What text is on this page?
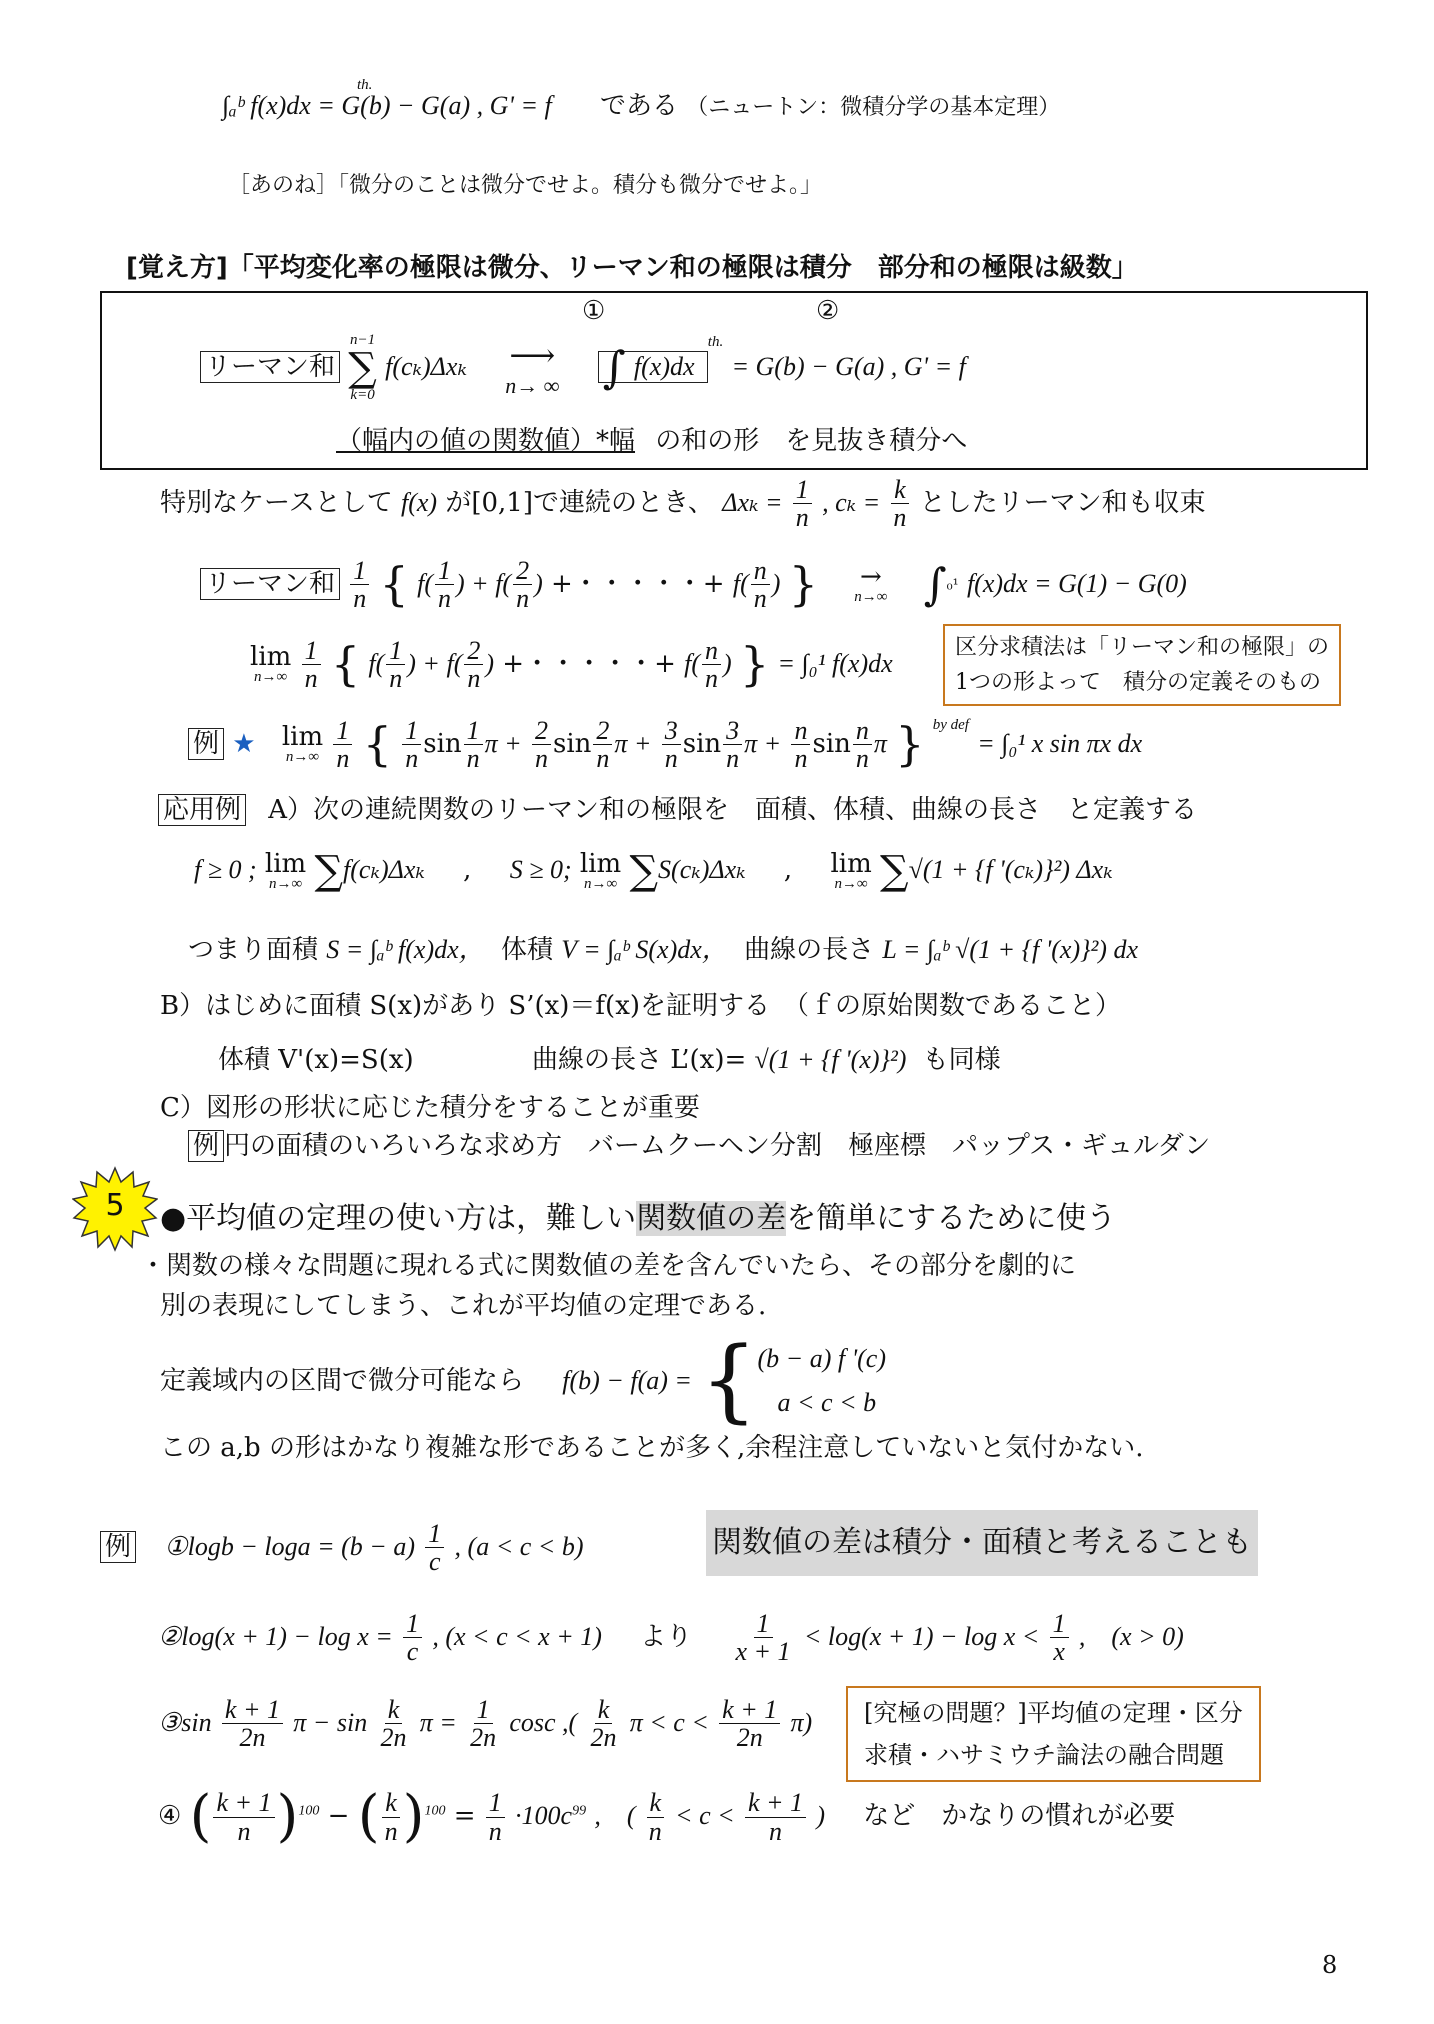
∫ₐᵇ f(x)dx = G(b) − G(a) , G' = f
th.
である （ニュートン：微積分学の基本定理）
［あのね］「微分のことは微分でせよ。積分も微分でせよ。」
[覚え方]「平均変化率の極限は微分、リーマン和の極限は積分　部分和の極限は級数」
①	②
リーマン和
n−1
∑
k=0
f(cₖ)Δxₖ ⟶
n→ ∞ ∫ f(x)dx $^{th.}$ = G(b) − G(a) , G' = f
（幅内の値の関数値）*幅 の和の形　を見抜き積分へ
特別なケースとして f(x) が[0,1]で連続のとき、 $\Delta x_k = \frac{1}{n}$ , $c_k = \frac{k}{n}$ としたリーマン和も収束
リーマン和 $\frac{1}{n}$ { $f( \frac{1}{n}$ ) + $f( \frac{2}{n}$ ) +・・・・・+ $f( \frac{n}{n}$ ) } →
n→∞ ∫₀¹ f(x)dx = G(1) − G(0)
lim
n→∞
$\frac{1}{n}$ { $f( \frac{1}{n}$ ) + $f( \frac{2}{n}$ ) +・・・・・+ $f( \frac{n}{n}$ ) } = ∫₀¹ f(x)dx
区分求積法は「リーマン和の極限」の
1つの形よって　積分の定義そのもの
例 ★ lim
n→∞
$\frac{1}{n}$ { $\frac{1}{n}$ $\sin \frac{1}{n}$ $\pi + \frac{2}{n}$ $\sin \frac{2}{n}$ $\pi + \frac{3}{n}$ $\sin \frac{3}{n}$ $\pi + \frac{n}{n}$ $\sin \frac{n}{n}$ π } $^{by def}$ = ∫₀¹ x sin πx dx
応用例 A）次の連続関数のリーマン和の極限を　面積、体積、曲線の長さ　と定義する
f ≥ 0 ; lim
n→∞ ∑f(cₖ)Δxₖ , S ≥ 0; lim
n→∞ ∑S(cₖ)Δxₖ , lim
n→∞ ∑√(1 + {f '(cₖ)}²) Δxₖ
つまり面積 S = ∫ₐᵇ f(x)dx， 体積 V = ∫ₐᵇ S(x)dx， 曲線の長さ L = ∫ₐᵇ √(1 + {f '(x)}²) dx
B）はじめに面積 S(x)があり S’(x)＝f(x)を証明する　（ｆの原始関数であること）
体積 V'(x)=S(x)	曲線の長さ L’(x)= √(1 + {f '(x)}²) も同様
C）図形の形状に応じた積分をすることが重要
例 円の面積のいろいろな求め方　バームクーヘン分割　極座標　パップス・ギュルダン
5	●平均値の定理の使い方は，難しい関数値の差を簡単にするために使う
・関数の様々な問題に現れる式に関数値の差を含んでいたら、その部分を劇的に
別の表現にしてしまう、これが平均値の定理である.
定義域内の区間で微分可能なら f(b) − f(a) = { (b − a) f '(c)
a < c < b
この a,b の形はかなり複雑な形であることが多く,余程注意していないと気付かない.
例 ①logb − $\log a = (b - a) \frac{1}{c}$ , (a < c < b)	関数値の差は積分・面積と考えることも
②log(x + $1) - \log x = \frac{1}{c}$ , (x < c < x + 1) より $\frac{1}{x + 1} < \log(x + 1) - \log x < \frac{1}{x}$ ,　(x > 0)
③sin $\frac{k + 1}{2n}$ $\pi - \sin \frac{k}{2n}$ $\pi = \frac{1}{2n}$ cosc ,( $\frac{k}{2n}$ $\pi < c < \frac{k + 1}{2n} \pi$) [究極の問題？]平均値の定理・区分
求積・ハサミウチ論法の融合問題
④ ( $\frac{k + 1}{n} )^{100}$ − ( $\frac{k}{n} )^{100} = \frac{1}{n} \cdot 100c^{99}$ ,　( $\frac{k}{n} < c < \frac{k + 1}{n}$ ) など　かなりの慣れが必要
8
